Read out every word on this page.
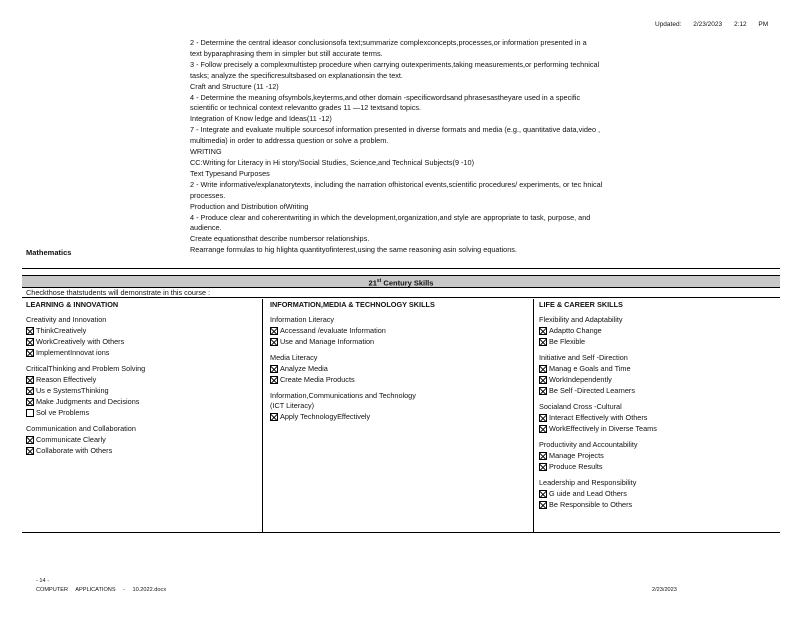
Updated: 2/23/2023 2:12 PM
2 - Determine the central ideasor conclusionsofa text;summarize complexconcepts,processes,or information presented in a
text byparaphrasing them in simpler but still accurate terms.
3 - Follow precisely a complexmultistep procedure when carrying outexperiments,taking measurements,or performing technical
tasks; analyze the specificresultsbased on explanationsin the text.
Craft and Structure (11 -12)
4 - Determine the meaning ofsymbols,keyterms,and other domain -specificwordsand phrasesastheyare used in a specific
scientific or technical context relevantto grades 11 —12 textsand topics.
Integration of Know ledge and Ideas(11 -12)
7 - Integrate and evaluate multiple sourcesof information presented in diverse formats and media (e.g., quantitative data,video ,
multimedia) in order to addressa question or solve a problem.
WRITING
CC:Writing for Literacy in Hi story/Social Studies, Science,and Technical Subjects(9 -10)
Text Typesand Purposes
2 - Write informative/explanatorytexts, including the narration ofhistorical events,scientific procedures/ experiments, or tec hnical
processes.
Production and Distribution ofWriting
4 - Produce clear and coherentwriting in which the development,organization,and style are appropriate to task, purpose, and
audience.
Create equationsthat describe numbersor relationships.
Rearrange formulas to hig hlighta quantityofinterest,using the same reasoning asin solving equations.
Mathematics
21st Century Skills
Checkthose thatstudents will demonstrate in this course :
LEARNING & INNOVATION
Creativity and Innovation
ThinkCreatively
WorkCreatively with Others
ImplementInnovat ions
CriticalThinking and Problem Solving
Reason Effectively
Us e SystemsThinking
Make Judgments and Decisions
Sol ve Problems
Communication and Collaboration
Communicate Clearly
Collaborate with Others
INFORMATION,MEDIA & TECHNOLOGY SKILLS
Information Literacy
Accessand /evaluate Information
Use and Manage Information
Media Literacy
Analyze Media
Create Media Products
Information,Communications and Technology
(ICT Literacy)
Apply TechnologyEffectively
LIFE & CAREER SKILLS
Flexibility and Adaptability
Adaptto Change
Be Flexible
Initiative and Self -Direction
Manag e Goals and Time
WorkIndependently
Be Self -Directed Learners
Socialand Cross -Cultural
Interact Effectively with Others
WorkEffectively in Diverse Teams
Productivity and Accountability
Manage Projects
Produce Results
Leadership and Responsibility
G uide and Lead Others
Be Responsible to Others
- 14 -
COMPUTER APPLICATIONS - 10.2022.docx	2/23/2023
